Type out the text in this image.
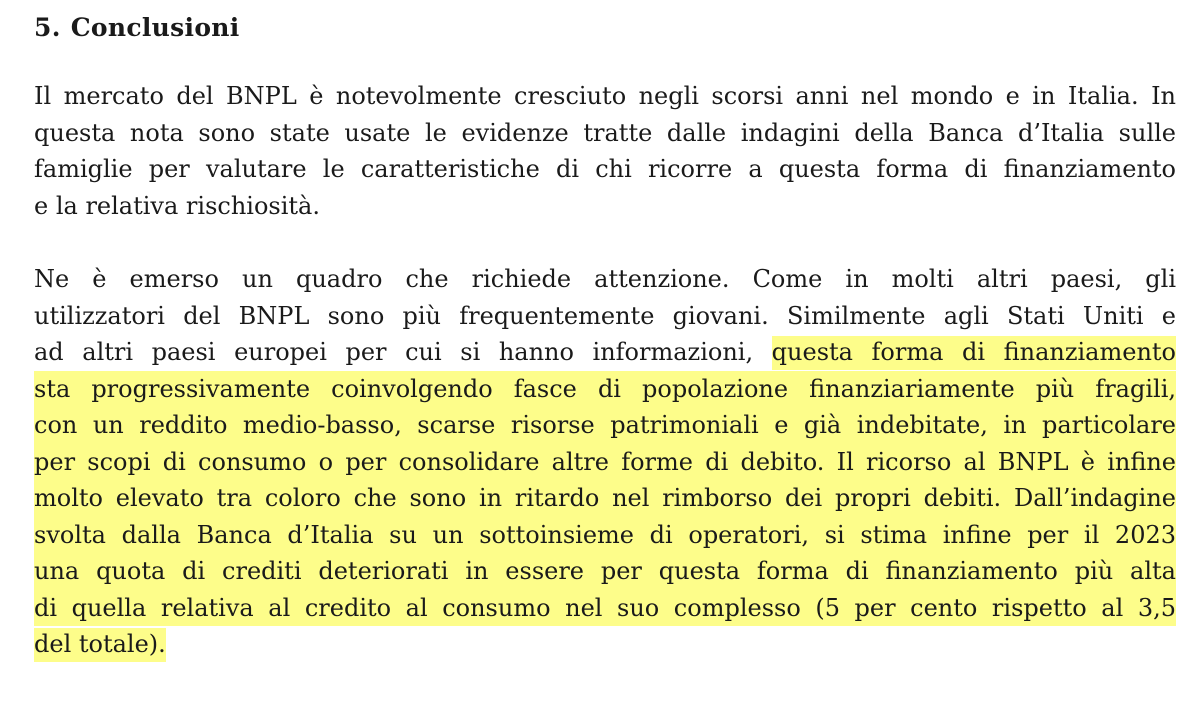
5. Conclusioni

Il mercato del BNPL è notevolmente cresciuto negli scorsi anni nel mondo e in Italia. In
questa nota sono state usate le evidenze tratte dalle indagini della Banca d’Italia sulle
famiglie per valutare le caratteristiche di chi ricorre a questa forma di finanziamento
e la relativa rischiosità.

Ne è emerso un quadro che richiede attenzione. Come in molti altri paesi, gli
utilizzatori del BNPL sono più frequentemente giovani. Similmente agli Stati Uniti e
ad altri paesi europei per cui si hanno informazioni, questa forma di finanziamento
sta progressivamente coinvolgendo fasce di popolazione finanziariamente più fragili,
con un reddito medio-basso, scarse risorse patrimoniali e già indebitate, in particolare
per scopi di consumo o per consolidare altre forme di debito. Il ricorso al BNPL è infine
molto elevato tra coloro che sono in ritardo nel rimborso dei propri debiti. Dall’indagine
svolta dalla Banca d’Italia su un sottoinsieme di operatori, si stima infine per il 2023
una quota di crediti deteriorati in essere per questa forma di finanziamento più alta
di quella relativa al credito al consumo nel suo complesso (5 per cento rispetto al 3,5
del totale).
